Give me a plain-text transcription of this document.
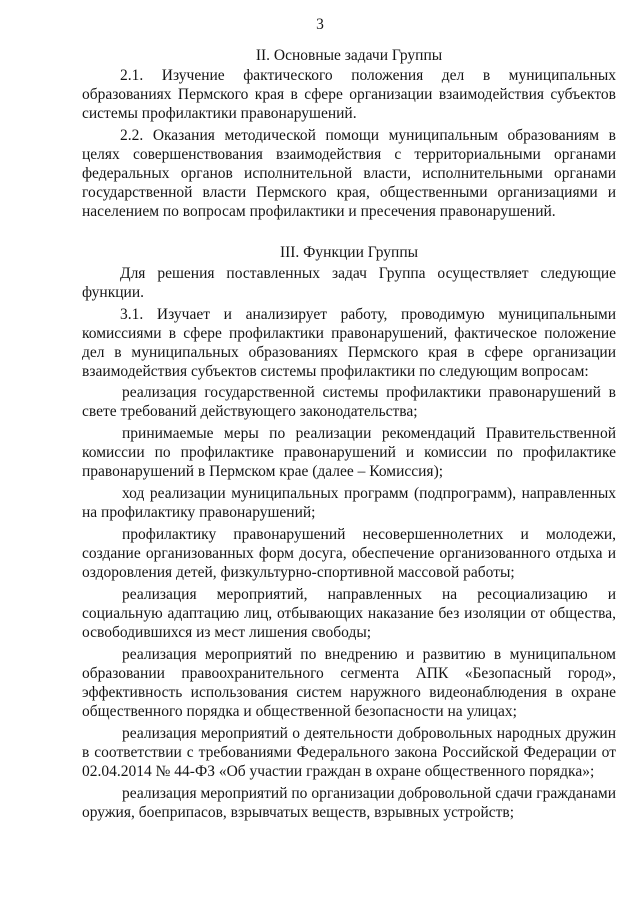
3
II. Основные задачи Группы

2.1. Изучение фактического положения дел в муниципальных образованиях Пермского края в сфере организации взаимодействия субъектов системы профилактики правонарушений.

2.2. Оказания методической помощи муниципальным образованиям в целях совершенствования взаимодействия с территориальными органами федеральных органов исполнительной власти, исполнительными органами государственной власти Пермского края, общественными организациями и населением по вопросам профилактики и пресечения правонарушений.

III. Функции Группы

Для решения поставленных задач Группа осуществляет следующие функции.

3.1. Изучает и анализирует работу, проводимую муниципальными комиссиями в сфере профилактики правонарушений, фактическое положение дел в муниципальных образованиях Пермского края в сфере организации взаимодействия субъектов системы профилактики по следующим вопросам:

реализация государственной системы профилактики правонарушений в свете требований действующего законодательства;

принимаемые меры по реализации рекомендаций Правительственной комиссии по профилактике правонарушений и комиссии по профилактике правонарушений в Пермском крае (далее – Комиссия);

ход реализации муниципальных программ (подпрограмм), направленных на профилактику правонарушений;

профилактику правонарушений несовершеннолетних и молодежи, создание организованных форм досуга, обеспечение организованного отдыха и оздоровления детей, физкультурно-спортивной массовой работы;

реализация мероприятий, направленных на ресоциализацию и социальную адаптацию лиц, отбывающих наказание без изоляции от общества, освободившихся из мест лишения свободы;

реализация мероприятий по внедрению и развитию в муниципальном образовании правоохранительного сегмента АПК «Безопасный город», эффективность использования систем наружного видеонаблюдения в охране общественного порядка и общественной безопасности на улицах;

реализация мероприятий о деятельности добровольных народных дружин в соответствии с требованиями Федерального закона Российской Федерации от 02.04.2014 № 44-ФЗ «Об участии граждан в охране общественного порядка»;

реализация мероприятий по организации добровольной сдачи гражданами оружия, боеприпасов, взрывчатых веществ, взрывных устройств;
